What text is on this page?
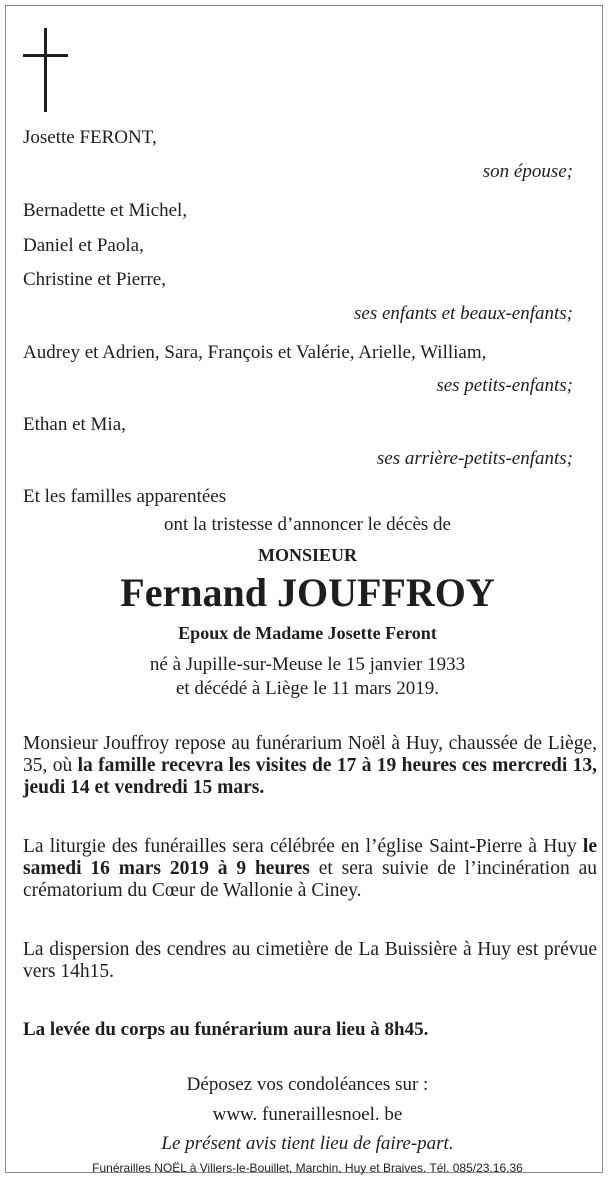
Josette FERONT,
son épouse;
Bernadette et Michel,
Daniel et Paola,
Christine et Pierre,
ses enfants et beaux-enfants;
Audrey et Adrien, Sara, François et Valérie, Arielle, William,
ses petits-enfants;
Ethan et Mia,
ses arrière-petits-enfants;
Et les familles apparentées
ont la tristesse d’annoncer le décès de
MONSIEUR
Fernand JOUFFROY
Epoux de Madame Josette Feront
né à Jupille-sur-Meuse le 15 janvier 1933
et décédé à Liège le 11 mars 2019.
Monsieur Jouffroy repose au funérarium Noël à Huy, chaussée de Liège, 35, où la famille recevra les visites de 17 à 19 heures ces mercredi 13, jeudi 14 et vendredi 15 mars.
La liturgie des funérailles sera célébrée en l’église Saint-Pierre à Huy le samedi 16 mars 2019 à 9 heures et sera suivie de l’incinération au crématorium du Cœur de Wallonie à Ciney.
La dispersion des cendres au cimetière de La Buissière à Huy est prévue vers 14h15.
La levée du corps au funérarium aura lieu à 8h45.
Déposez vos condoléances sur :
www. funeraillesnoel. be
Le présent avis tient lieu de faire-part.
Funérailles NOËL à Villers-le-Bouillet, Marchin, Huy et Braives. Tél. 085/23.16.36
